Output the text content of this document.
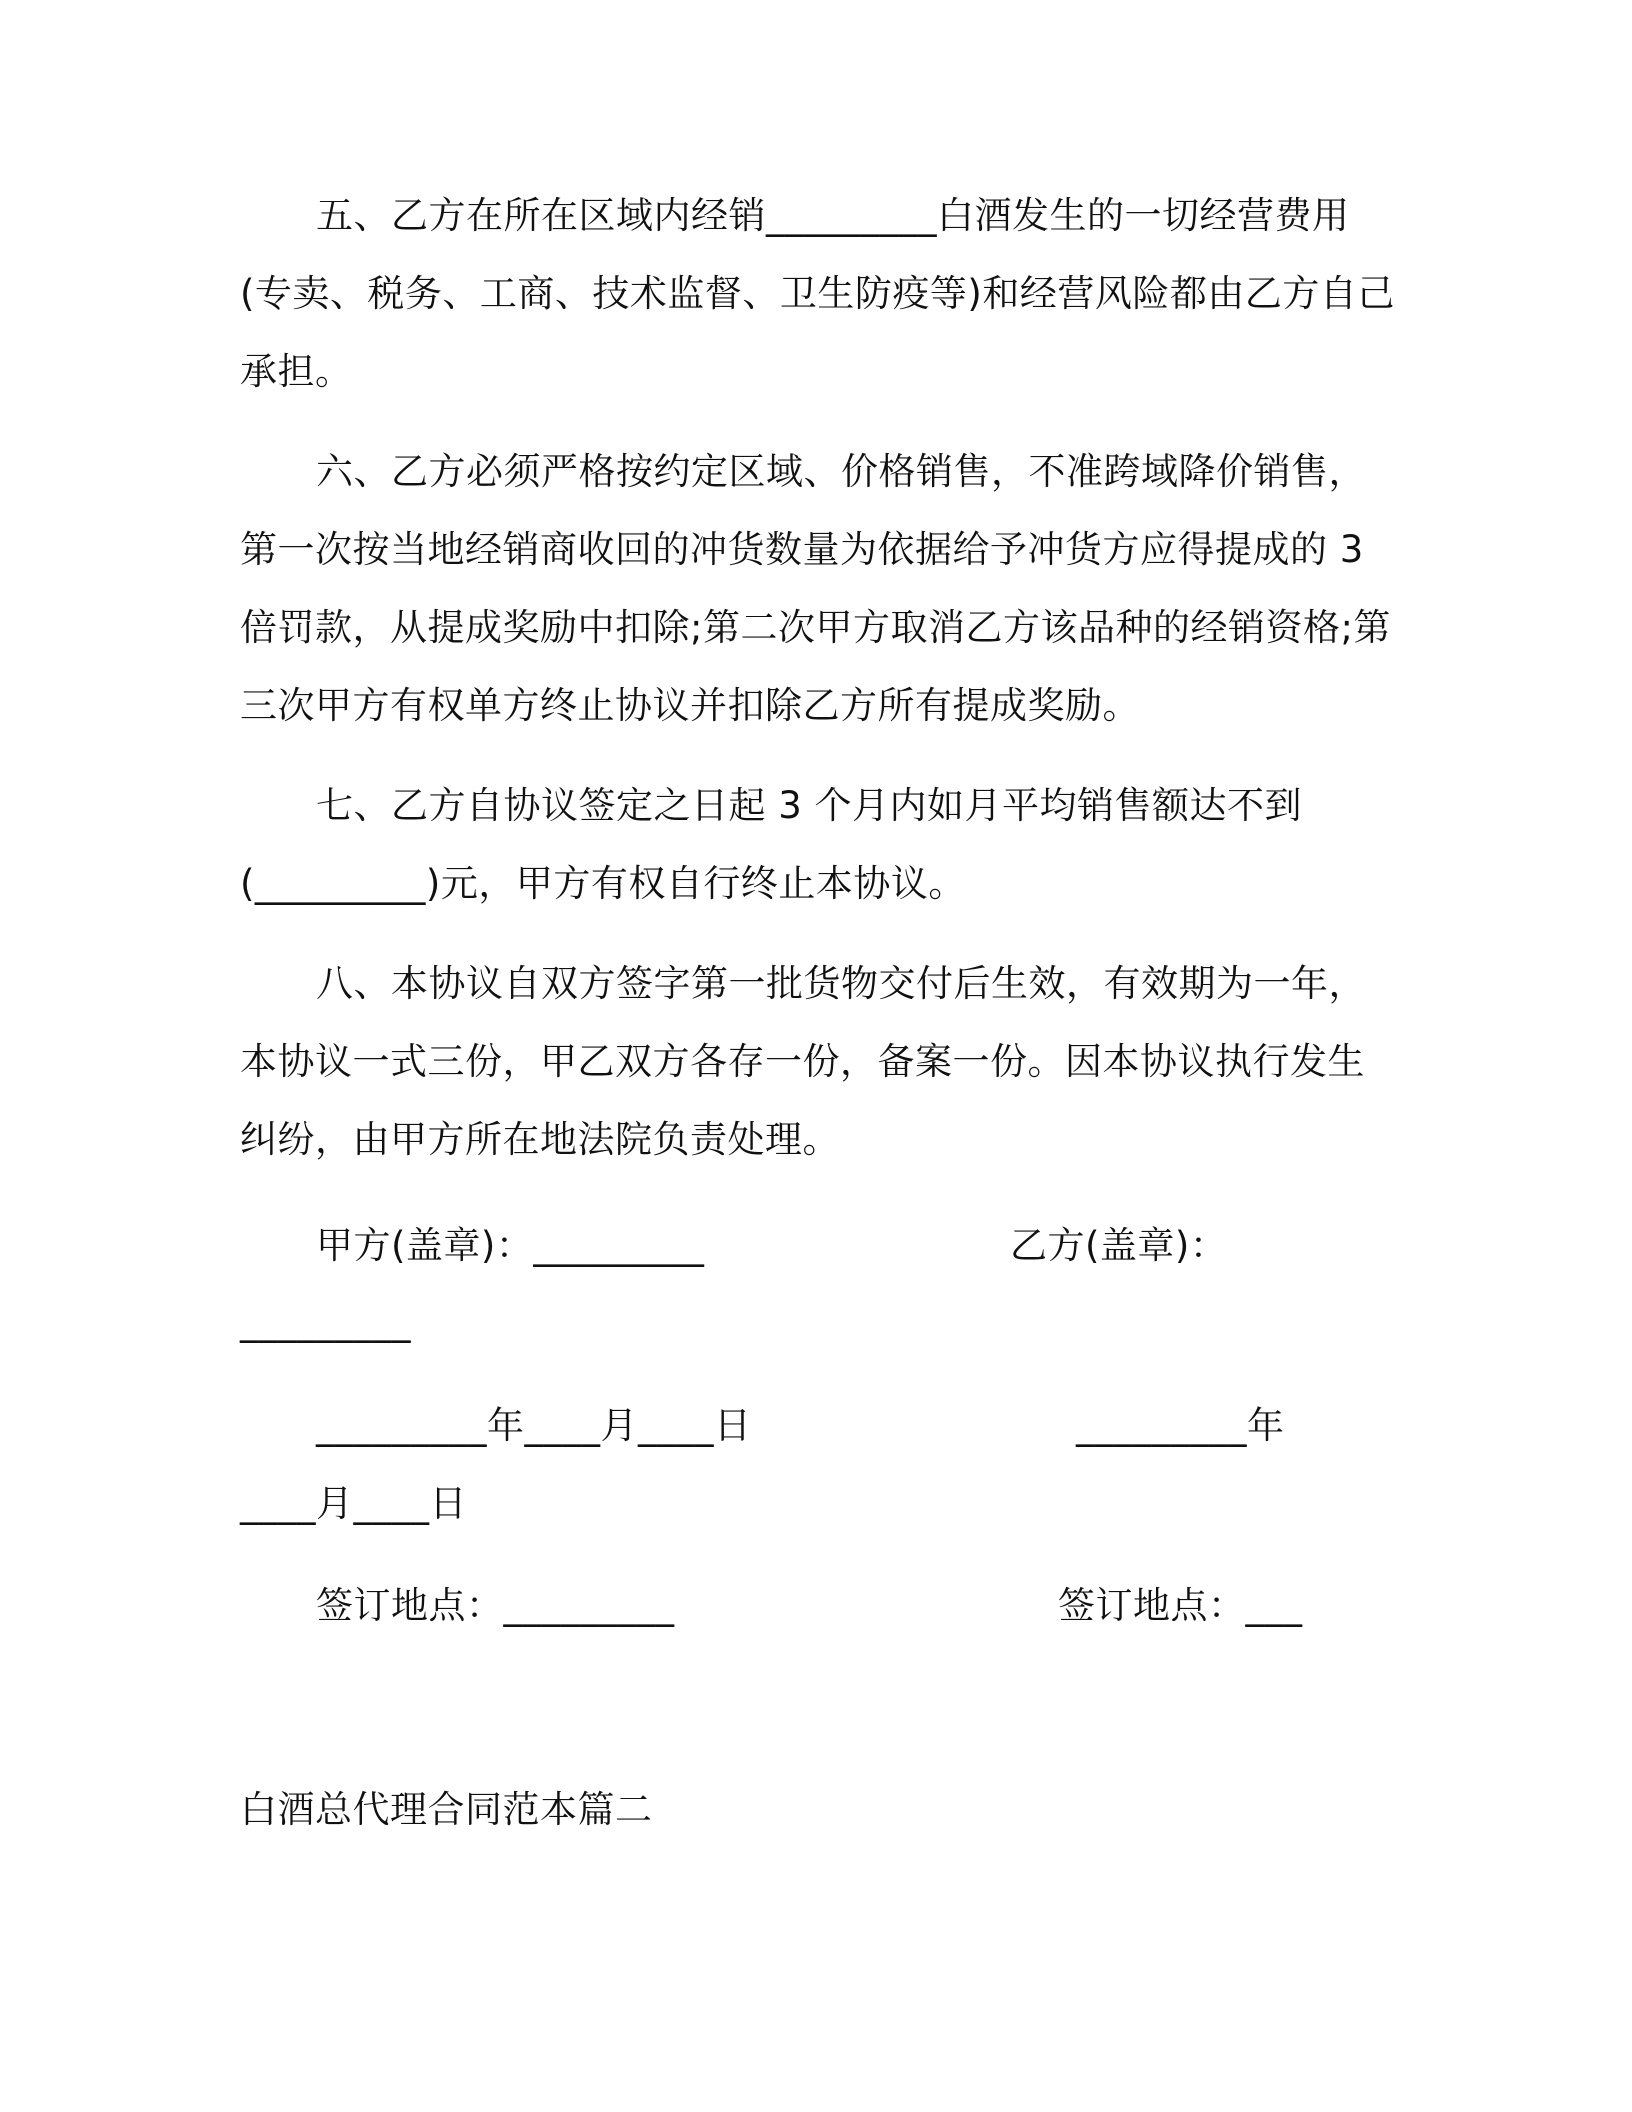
五、乙方在所在区域内经销_________白酒发生的一切经营费用
(专卖、税务、工商、技术监督、卫生防疫等)和经营风险都由乙方自己
承担。
六、乙方必须严格按约定区域、价格销售，不准跨域降价销售，
第一次按当地经销商收回的冲货数量为依据给予冲货方应得提成的 3
倍罚款，从提成奖励中扣除;第二次甲方取消乙方该品种的经销资格;第
三次甲方有权单方终止协议并扣除乙方所有提成奖励。
七、乙方自协议签定之日起 3 个月内如月平均销售额达不到
(_________)元，甲方有权自行终止本协议。
八、本协议自双方签字第一批货物交付后生效，有效期为一年，
本协议一式三份，甲乙双方各存一份，备案一份。因本协议执行发生
纠纷，由甲方所在地法院负责处理。
甲方(盖章)：_________	乙方(盖章)：
_________
_________年____月____日	_________年
____月____日
签订地点：_________	签订地点：___
白酒总代理合同范本篇二
